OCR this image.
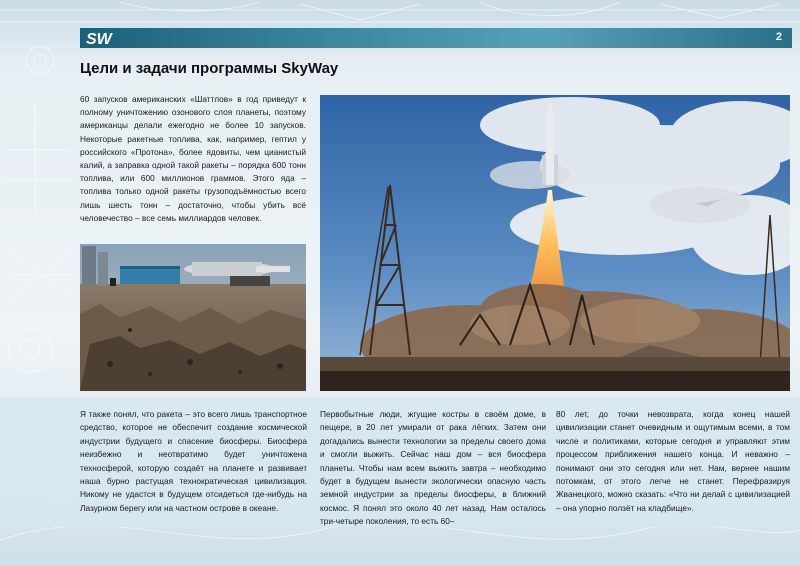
SW	2
Цели и задачи программы SkyWay

60 запусков американских «Шаттлов» в год приведут к полному уничтожению озонового слоя планеты, поэтому американцы делали ежегодно не более 10 запусков. Некоторые ракетные топлива, как, например, гептил у российского «Протона», более ядовиты, чем цианистый калий, а заправка одной такой ракеты – порядка 600 тонн топлива, или 600 миллионов граммов. Этого яда – топлива только одной ракеты грузоподъёмностью всего лишь шесть тонн – достаточно, чтобы убить всё человечество – все семь миллиардов человек.

Я также понял, что ракета – это всего лишь транспортное средство, которое не обеспечит создание космической индустрии будущего и спасение биосферы. Биосфера неизбежно и неотвратимо будет уничтожена техносферой, которую создаёт на планете и развивает наша бурно растущая технократическая цивилизация. Никому не удастся в будущем отсидеться где-нибудь на Лазурном берегу или на частном острове в океане.

Первобытные люди, жгущие костры в своём доме, в пещере, в 20 лет умирали от рака лёгких. Затем они догадались вынести технологии за пределы своего дома и смогли выжить. Сейчас наш дом – вся биосфера планеты. Чтобы нам всем выжить завтра – необходимо будет в будущем вынести экологически опасную часть земной индустрии за пределы биосферы, в ближний космос. Я понял это около 40 лет назад. Нам осталось три-четыре поколения, то есть 60–

80 лет, до точки невозврата, когда конец нашей цивилизации станет очевидным и ощутимым всеми, в том числе и политиками, которые сегодня и управляют этим процессом приближения нашего конца. И неважно – понимают они это сегодня или нет. Нам, вернее нашим потомкам, от этого легче не станет. Перефразируя Жванецкого, можно сказать: «Что ни делай с цивилизацией – она упорно ползёт на кладбище».
